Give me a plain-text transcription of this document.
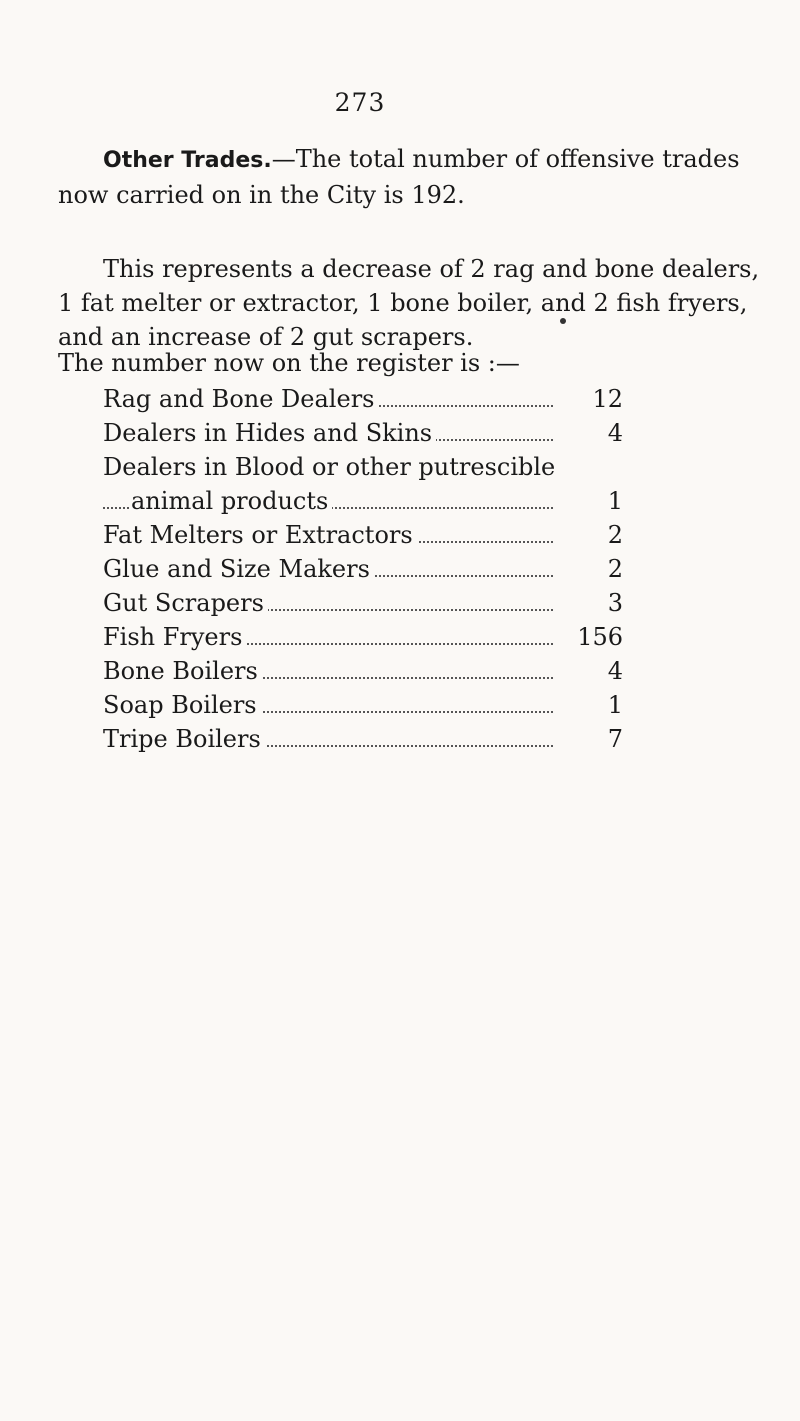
273
Other Trades.—The total number of offensive trades
now carried on in the City is 192.
This represents a decrease of 2 rag and bone dealers,
1 fat melter or extractor, 1 bone boiler, and 2 fish fryers,
and an increase of 2 gut scrapers.
The number now on the register is :—
Rag and Bone Dealers	12
Dealers in Hides and Skins	4
Dealers in Blood or other putrescible
animal products	1
Fat Melters or Extractors	2
Glue and Size Makers	2
Gut Scrapers	3
Fish Fryers	156
Bone Boilers	4
Soap Boilers	1
Tripe Boilers	7
